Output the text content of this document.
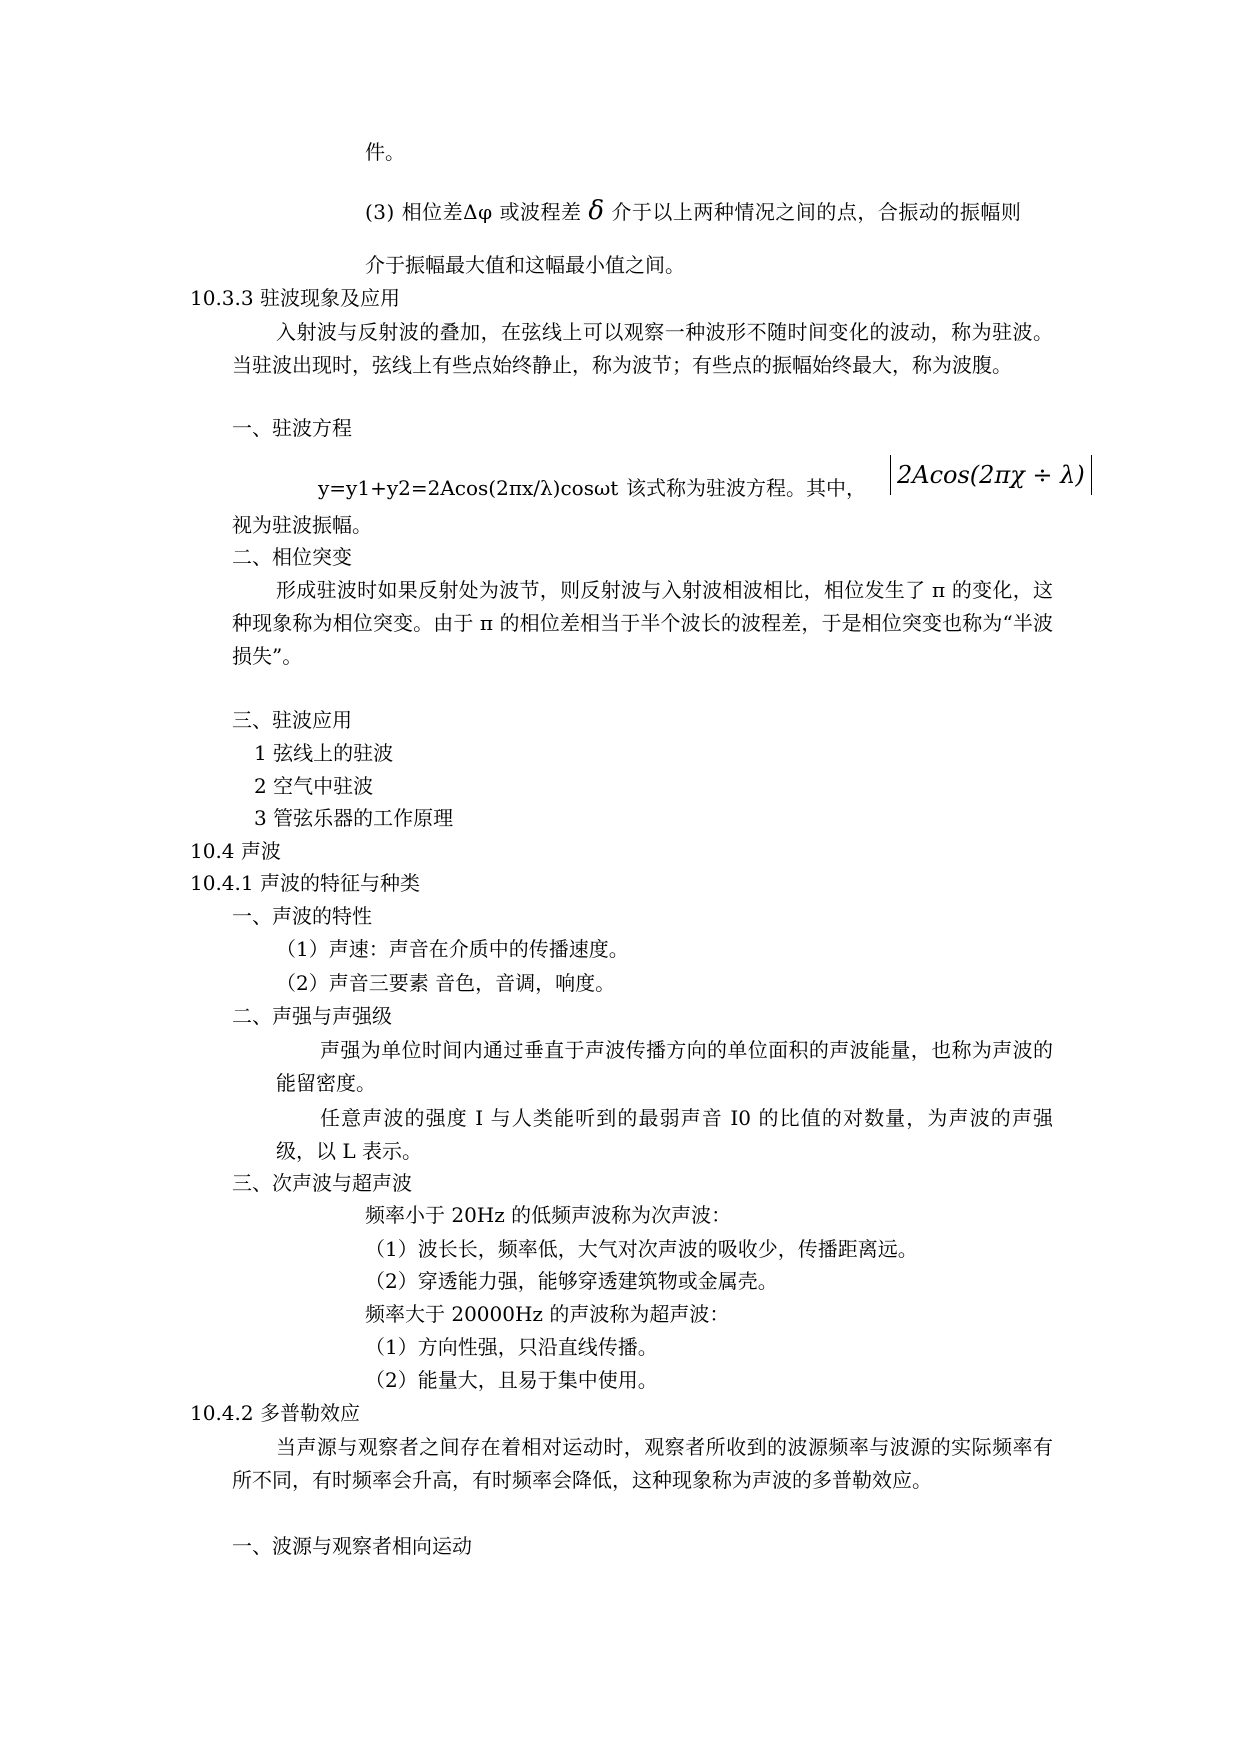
件。
(3) 相位差Δφ 或波程差 δ 介于以上两种情况之间的点，合振动的振幅则
介于振幅最大值和这幅最小值之间。
10.3.3 驻波现象及应用
入射波与反射波的叠加，在弦线上可以观察一种波形不随时间变化的波动，称为驻波。当驻波出现时，弦线上有些点始终静止，称为波节；有些点的振幅始终最大，称为波腹。
一、驻波方程
y=y1+y2=2Acos(2πx/λ)cosωt 该式称为驻波方程。其中， 2Acos(2πχ ÷ λ)
视为驻波振幅。
二、相位突变
形成驻波时如果反射处为波节，则反射波与入射波相波相比，相位发生了 π 的变化，这种现象称为相位突变。由于 π 的相位差相当于半个波长的波程差，于是相位突变也称为“半波损失”。
三、驻波应用
1 弦线上的驻波
2 空气中驻波
3 管弦乐器的工作原理
10.4 声波
10.4.1 声波的特征与种类
一、声波的特性
（1）声速：声音在介质中的传播速度。
（2）声音三要素 音色，音调，响度。
二、声强与声强级
声强为单位时间内通过垂直于声波传播方向的单位面积的声波能量，也称为声波的能留密度。
任意声波的强度 I 与人类能听到的最弱声音 I0 的比值的对数量，为声波的声强级，以 L 表示。
三、次声波与超声波
频率小于 20Hz 的低频声波称为次声波：
（1）波长长，频率低，大气对次声波的吸收少，传播距离远。
（2）穿透能力强，能够穿透建筑物或金属壳。
频率大于 20000Hz 的声波称为超声波：
（1）方向性强，只沿直线传播。
（2）能量大，且易于集中使用。
10.4.2 多普勒效应
当声源与观察者之间存在着相对运动时，观察者所收到的波源频率与波源的实际频率有所不同，有时频率会升高，有时频率会降低，这种现象称为声波的多普勒效应。
一、波源与观察者相向运动
